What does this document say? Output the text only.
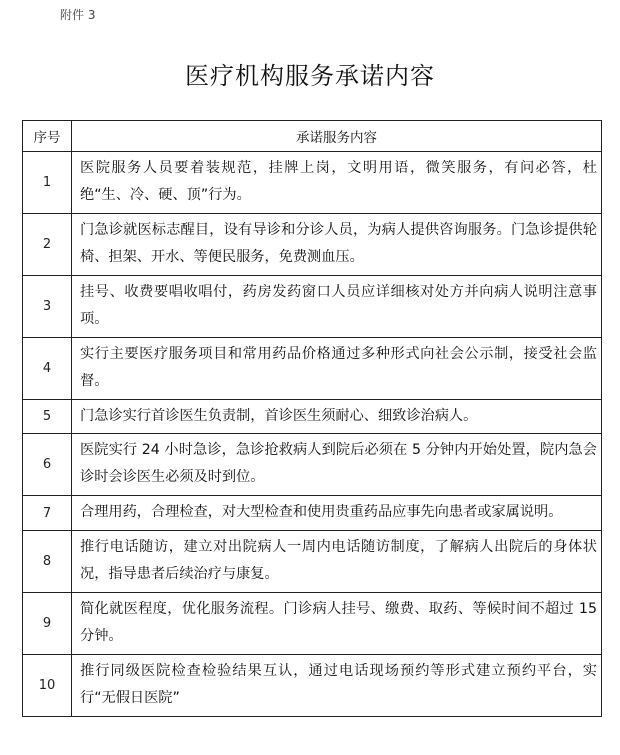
附件 3
医疗机构服务承诺内容
序号	承诺服务内容
1	医院服务人员要着装规范，挂牌上岗，文明用语，微笑服务，有问必答，杜绝“生、冷、硬、顶”行为。
2	门急诊就医标志醒目，设有导诊和分诊人员，为病人提供咨询服务。门急诊提供轮椅、担架、开水、等便民服务，免费测血压。
3	挂号、收费要唱收唱付，药房发药窗口人员应详细核对处方并向病人说明注意事项。
4	实行主要医疗服务项目和常用药品价格通过多种形式向社会公示制，接受社会监督。
5	门急诊实行首诊医生负责制，首诊医生须耐心、细致诊治病人。
6	医院实行 24 小时急诊，急诊抢救病人到院后必须在 5 分钟内开始处置，院内急会诊时会诊医生必须及时到位。
7	合理用药，合理检查，对大型检查和使用贵重药品应事先向患者或家属说明。
8	推行电话随访，建立对出院病人一周内电话随访制度，了解病人出院后的身体状况，指导患者后续治疗与康复。
9	简化就医程度，优化服务流程。门诊病人挂号、缴费、取药、等候时间不超过 15 分钟。
10	推行同级医院检查检验结果互认，通过电话现场预约等形式建立预约平台，实行“无假日医院”
